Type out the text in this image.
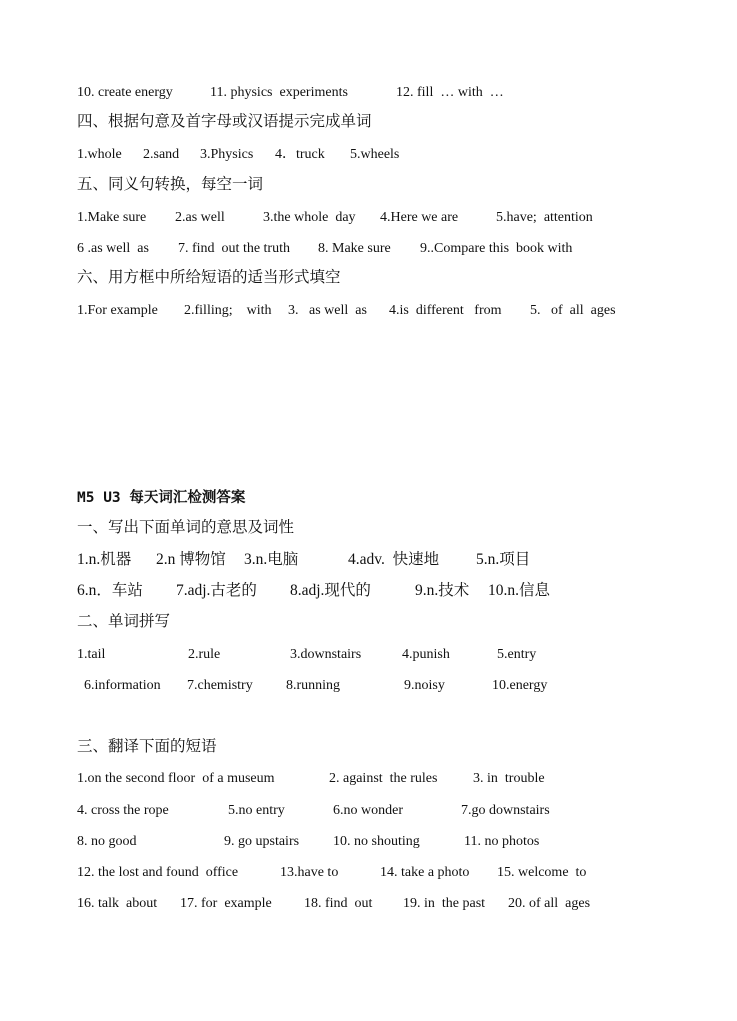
10. create energy

	11. physics  experiments

	12. fill  … with  …

四、根据句意及首字母或汉语提示完成单词

1.whole

2.sand

3.Physics

4．truck

5.wheels

五、同义句转换，每空一词

1.Make sure

2.as well

	3.the whole  day

4.Here we are

	5.have;  attention

6 .as well  as

7. find  out the truth

8. Make sure

9..Compare this  book with

六、用方框中所给短语的适当形式填空

1.For example

2.filling;    with

3.   as well  as

4.is  different   from

5.   of  all  ages

M5 U3 每天词汇检测答案
一、写出下面单词的意思及词性

1.n.机器

2.n 博物馆

3.n.电脑

	4.adv.  快速地

5.n.项目

6.n．车站

7.adj.古老的

8.adj.现代的

	9.n.技术

10.n.信息

二、单词拼写

1.tail

	2.rule

	3.downstairs

	4.punish

	5.entry

6.information

7.chemistry

8.running

	9.noisy

	10.energy

三、翻译下面的短语

1.on the second floor  of a museum

	2. against  the rules

	3. in  trouble

4. cross the rope

	5.no entry

	6.no wonder

	7.go downstairs

8. no good

	9. go upstairs

10. no shouting

	11. no photos

12. the lost and found  office

	13.have to

	14. take a photo

15. welcome  to

16. talk  about

17. for  example

18. find  out

19. in  the past

20. of all  ages
